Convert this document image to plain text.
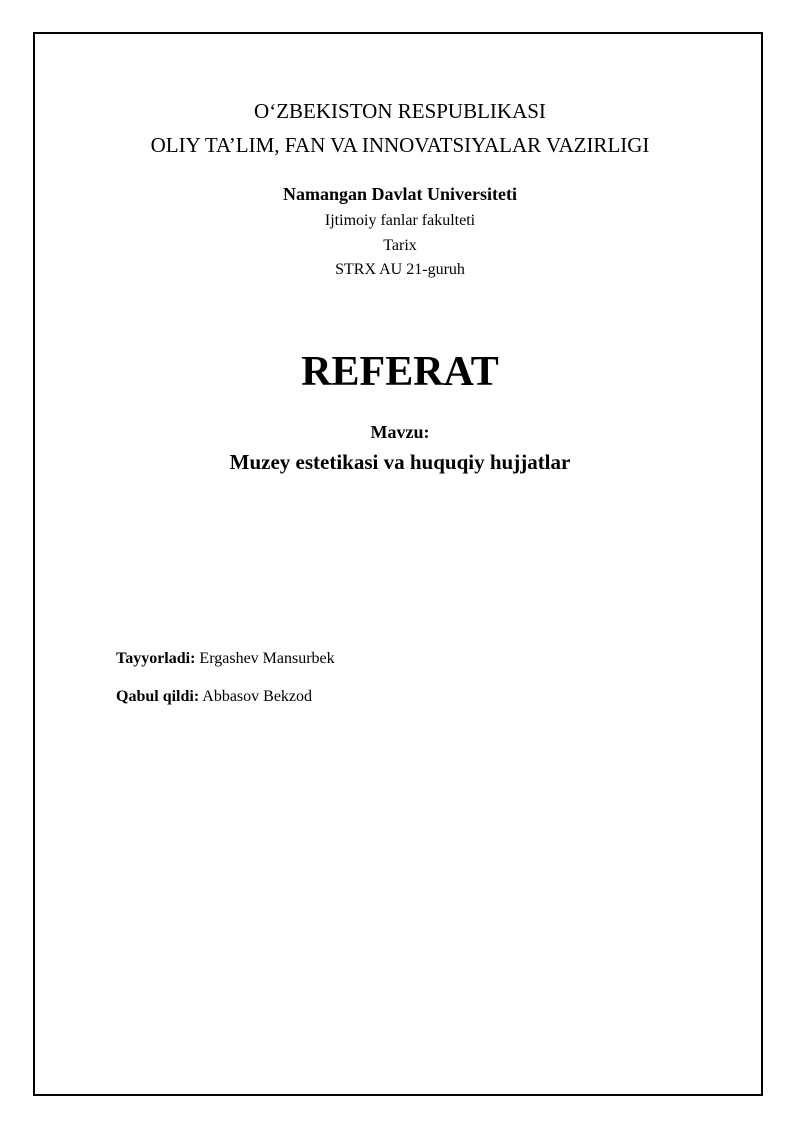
O‘ZBEKISTON RESPUBLIKASI
OLIY TA’LIM, FAN VA INNOVATSIYALAR VAZIRLIGI
Namangan Davlat Universiteti
Ijtimoiy fanlar fakulteti
Tarix
STRX AU 21-guruh
REFERAT
Mavzu:
Muzey estetikasi va huquqiy hujjatlar
Tayyorladi: Ergashev Mansurbek
Qabul qildi: Abbasov Bekzod
